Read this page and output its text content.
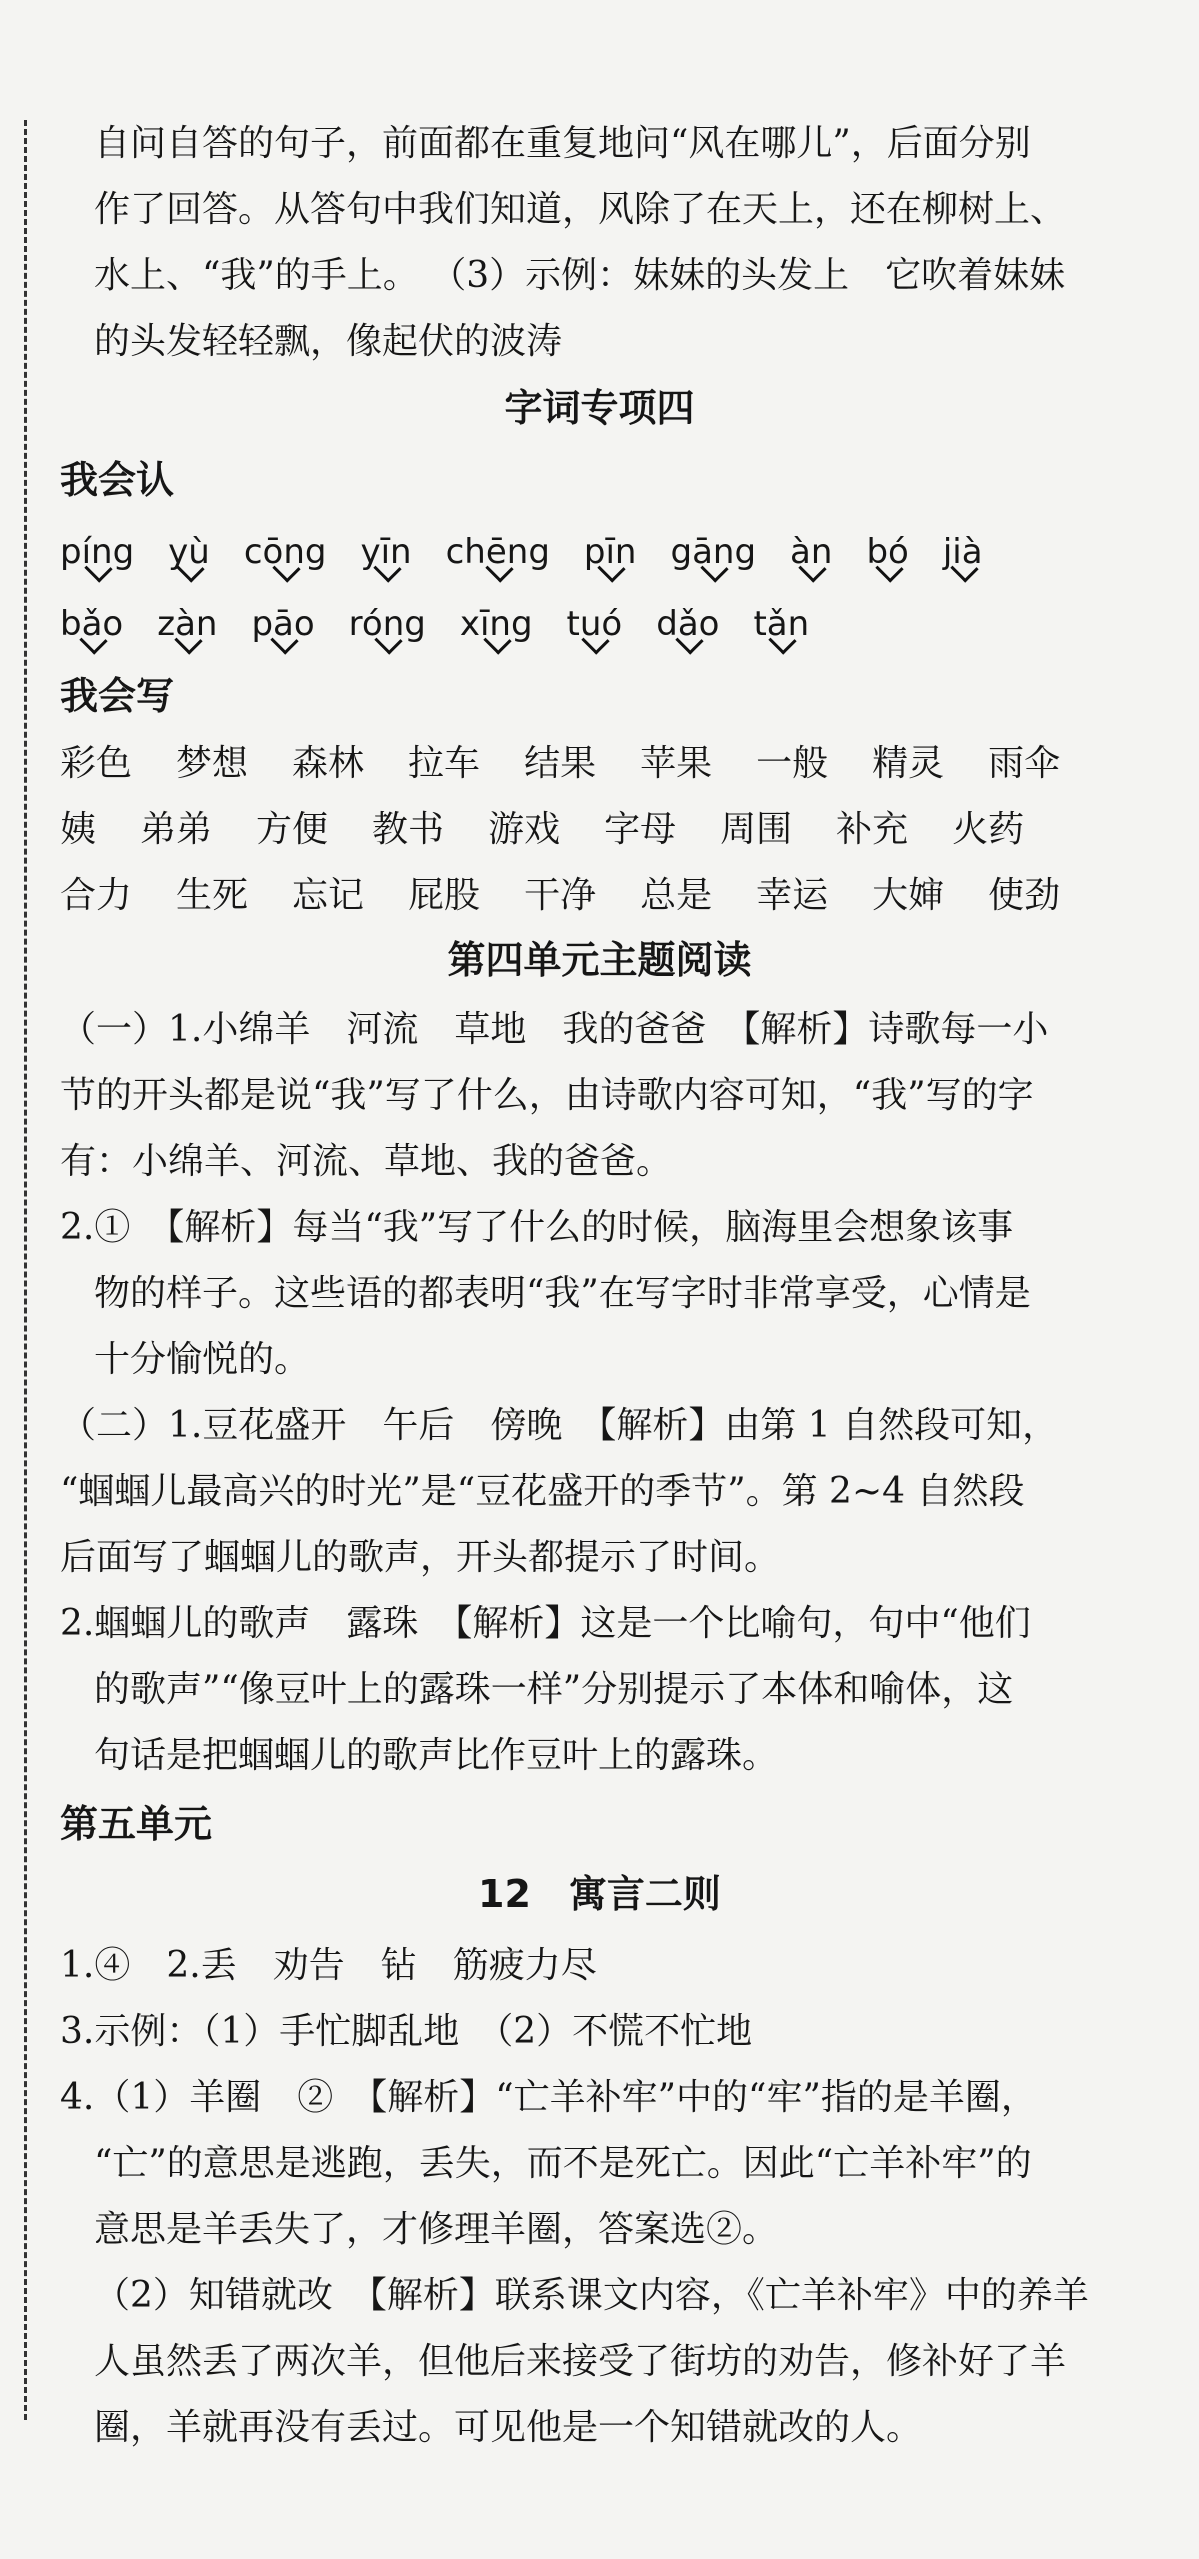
自问自答的句子，前面都在重复地问“风在哪儿”，后面分别
作了回答。从答句中我们知道，风除了在天上，还在柳树上、
水上、“我”的手上。 （3）示例：妹妹的头发上　它吹着妹妹
的头发轻轻飘，像起伏的波涛
字词专项四
我会认
píng yù cōng yīn chēng pīn gāng àn bó jià
bǎo zàn pāo róng xīng tuó dǎo tǎn
我会写
彩色 梦想 森林 拉车 结果 苹果 一般 精灵 雨伞
姨 弟弟 方便 教书 游戏 字母 周围 补充 火药
合力 生死 忘记 屁股 干净 总是 幸运 大婶 使劲
第四单元主题阅读
（一）1.小绵羊　河流　草地　我的爸爸　【解析】诗歌每一小
节的开头都是说“我”写了什么，由诗歌内容可知，“我”写的字
有：小绵羊、河流、草地、我的爸爸。
2.①　【解析】每当“我”写了什么的时候，脑海里会想象该事
物的样子。这些语的都表明“我”在写字时非常享受，心情是
十分愉悦的。
（二）1.豆花盛开　午后　傍晚　【解析】由第 1 自然段可知，
“蝈蝈儿最高兴的时光”是“豆花盛开的季节”。第 2~4 自然段
后面写了蝈蝈儿的歌声，开头都提示了时间。
2.蝈蝈儿的歌声　露珠　【解析】这是一个比喻句，句中“他们
的歌声”“像豆叶上的露珠一样”分别提示了本体和喻体，这
句话是把蝈蝈儿的歌声比作豆叶上的露珠。
第五单元
12　寓言二则
1.④　2.丢　劝告　钻　筋疲力尽
3.示例：（1）手忙脚乱地　（2）不慌不忙地
4.（1）羊圈　②　【解析】“亡羊补牢”中的“牢”指的是羊圈，
“亡”的意思是逃跑，丢失，而不是死亡。因此“亡羊补牢”的
意思是羊丢失了，才修理羊圈，答案选②。
（2）知错就改　【解析】联系课文内容，《亡羊补牢》中的养羊
人虽然丢了两次羊，但他后来接受了街坊的劝告，修补好了羊
圈，羊就再没有丢过。可见他是一个知错就改的人。
